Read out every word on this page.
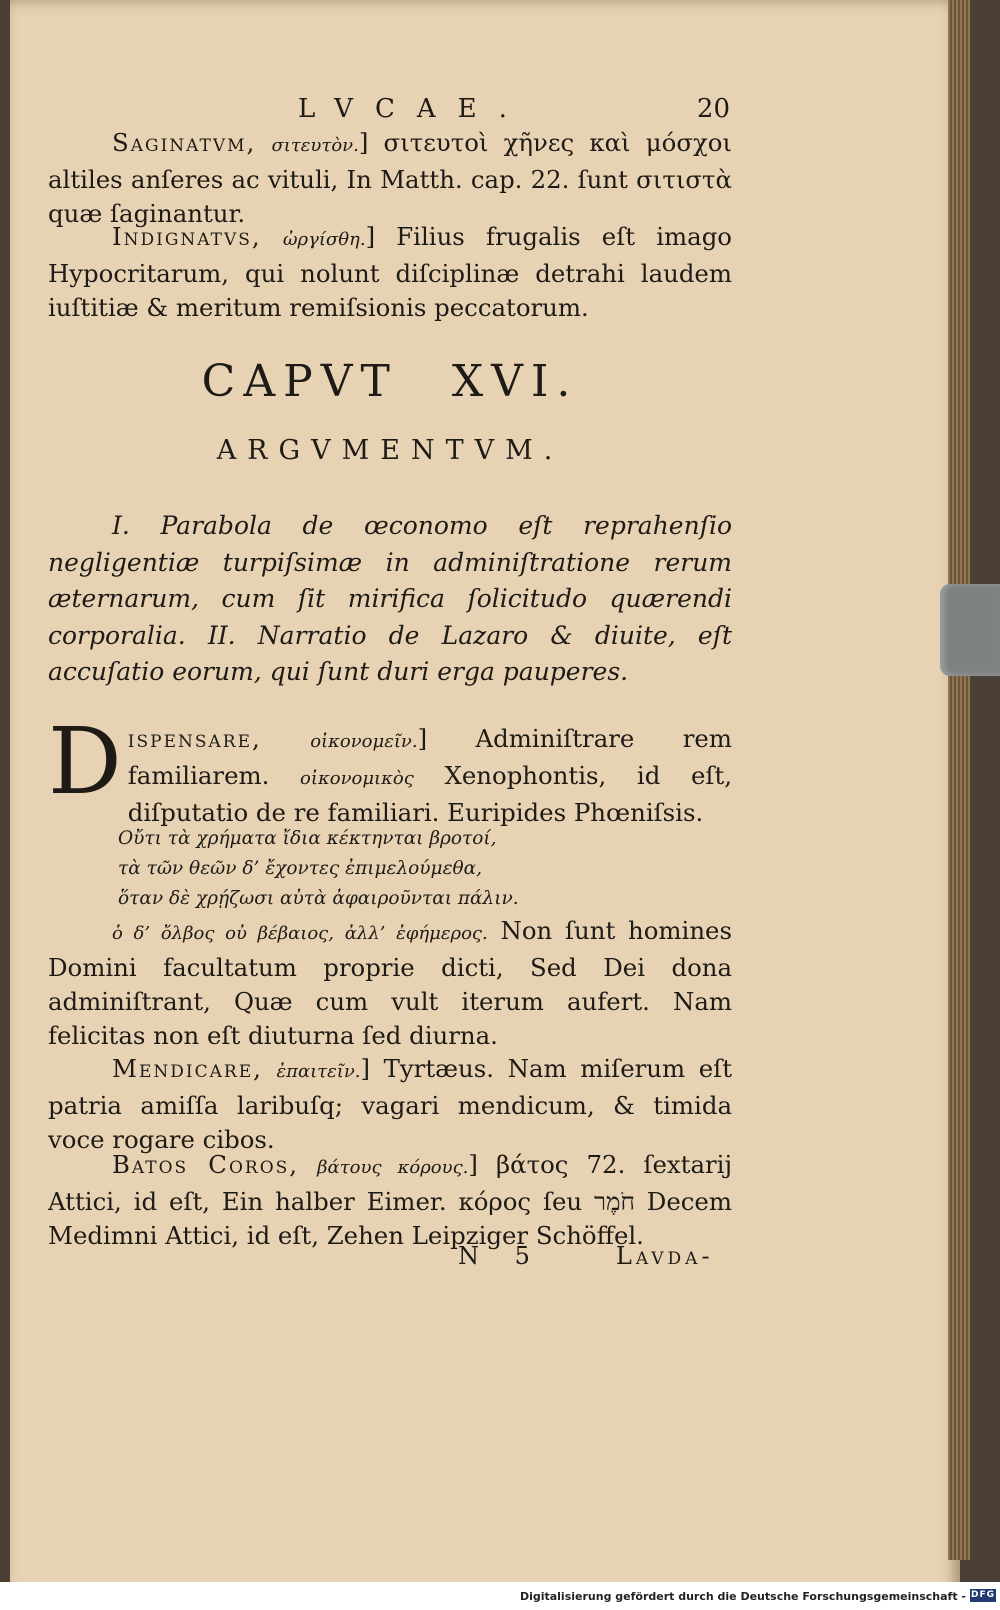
LVCAE.	20

Saginatvm, σιτευτὸν.] σιτευτοὶ χῆνες καὶ μόσχοι altiles anſeres ac vituli, In Matth. cap. 22. ſunt σιτιστὰ quæ ſaginantur.

Indignatvs, ὠργίσθη.] Filius frugalis eſt imago Hypocritarum, qui nolunt diſciplinæ detrahi laudem iuſtitiæ & meritum remiſsionis peccatorum.

CAPVT XVI.
ARGVMENTVM.

I. Parabola de œconomo eſt reprahenſio negligentiæ turpiſsimæ in adminiſtratione rerum æternarum, cum ſit mirifica ſolicitudo quærendi corporalia. II. Narratio de Lazaro & diuite, eſt accuſatio eorum, qui ſunt duri erga pauperes.

Dispensare,	οἰκονομεῖν.] Adminiſtrare rem familiarem. οἰκονομικὸς Xenophontis, id eſt, diſputatio de re familiari. Euripides Phœniſsis.

Οὔτι τὰ χρήματα ἴδια κέκτηνται βροτοί,
τὰ τῶν θεῶν δ’ ἔχοντες ἐπιμελούμεθα,
ὅταν δὲ χρῄζωσι αὐτὰ ἀφαιροῦνται πάλιν.

ὁ δ’ ὄλβος οὐ βέβαιος, ἀλλ’ ἐφήμερος. Non ſunt homines Domini facultatum proprie dicti, Sed Dei dona adminiſtrant, Quæ cum vult iterum aufert. Nam felicitas non eſt diuturna ſed diurna.

Mendicare, ἐπαιτεῖν.] Tyrtæus. Nam miſerum eſt patria amiſſa laribuſq; vagari mendicum, & timida voce rogare cibos.

Batos Coros, βάτους κόρους.] βάτος 72. ſextarij Attici, id eſt, Ein halber Eimer. κόρος ſeu חֹמֶר Decem Medimni Attici, id eſt, Zehen Leipziger Schöffel.

N 5	Lavda-
Digitalisierung gefördert durch die Deutsche Forschungsgemeinschaft - DFG
